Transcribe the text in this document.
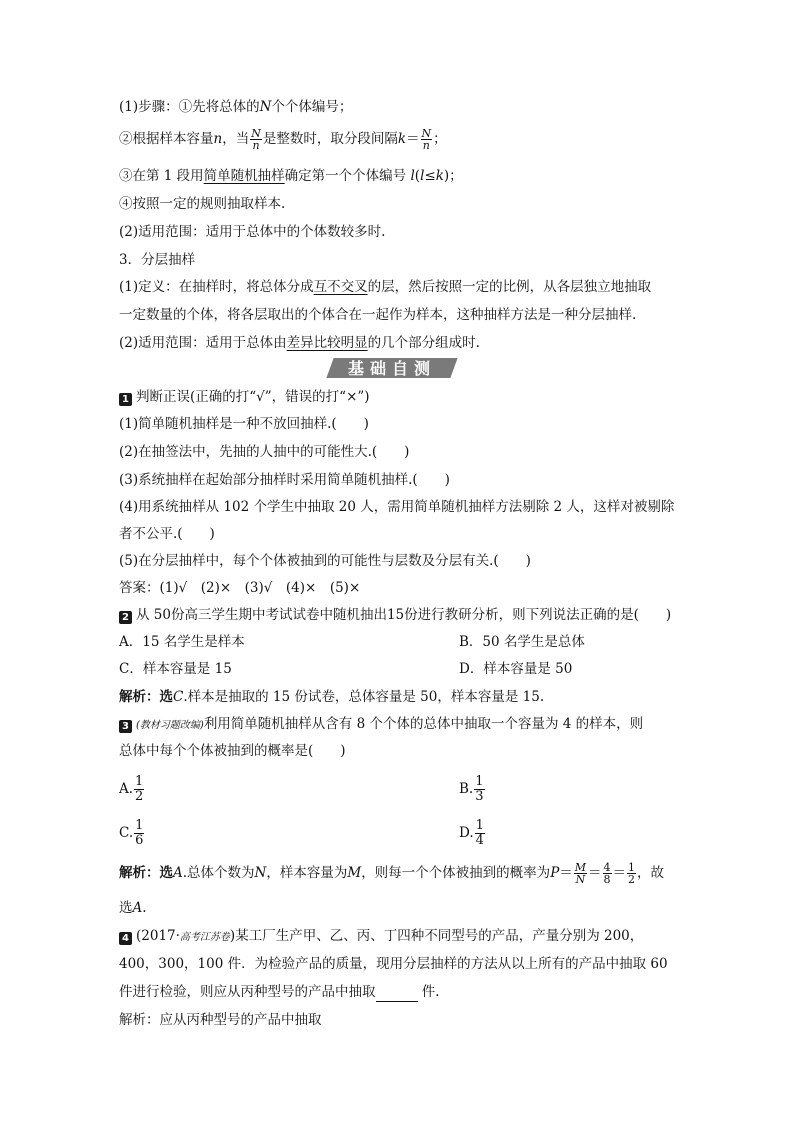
(1)步骤：①先将总体的N个个体编号；
②根据样本容量n，当 $\frac{N}{n}$ 是整数时，取分段间隔$k= \frac{N}{n}$ ；
③在第 1 段用简单随机抽样确定第一个个体编号 l(l≤k)；
④按照一定的规则抽取样本.
(2)适用范围：适用于总体中的个体数较多时.
3．分层抽样
(1)定义：在抽样时，将总体分成互不交叉的层，然后按照一定的比例，从各层独立地抽取
一定数量的个体，将各层取出的个体合在一起作为样本，这种抽样方法是一种分层抽样.
(2)适用范围：适用于总体由差异比较明显的几个部分组成时.
基础自测
1 判断正误(正确的打“√”，错误的打“×”)
(1)简单随机抽样是一种不放回抽样.(　　)
(2)在抽签法中，先抽的人抽中的可能性大.(　　)
(3)系统抽样在起始部分抽样时采用简单随机抽样.(　　)
(4)用系统抽样从 102 个学生中抽取 20 人，需用简单随机抽样方法剔除 2 人，这样对被剔除
者不公平.(　　)
(5)在分层抽样中，每个个体被抽到的可能性与层数及分层有关.(　　)
答案：(1)√　(2)×　(3)√　(4)×　(5)×
2 从 50份高三学生期中考试试卷中随机抽出15份进行教研分析，则下列说法正确的是(　　)
A．15 名学生是样本	B．50 名学生是总体
C．样本容量是 15	D．样本容量是 50
解析：选C.样本是抽取的 15 份试卷，总体容量是 50，样本容量是 15.
3 (教材习题改编)利用简单随机抽样从含有 8 个个体的总体中抽取一个容量为 4 的样本，则
总体中每个个体被抽到的概率是(　　)
A. $\frac{1}{2}$	B. $\frac{1}{3}$
C. $\frac{1}{6}$	D. $\frac{1}{4}$
解析：选A.总体个数为N，样本容量为M，则每一个个体被抽到的概率为$P= \frac{M}{N} = \frac{4}{8} = \frac{1}{2}$ ，故
选A.
4 (2017·高考江苏卷)某工厂生产甲、乙、丙、丁四种不同型号的产品，产量分别为 200，
400，300，100 件．为检验产品的质量，现用分层抽样的方法从以上所有的产品中抽取 60
件进行检验，则应从丙种型号的产品中抽取	件.
解析：应从丙种型号的产品中抽取
